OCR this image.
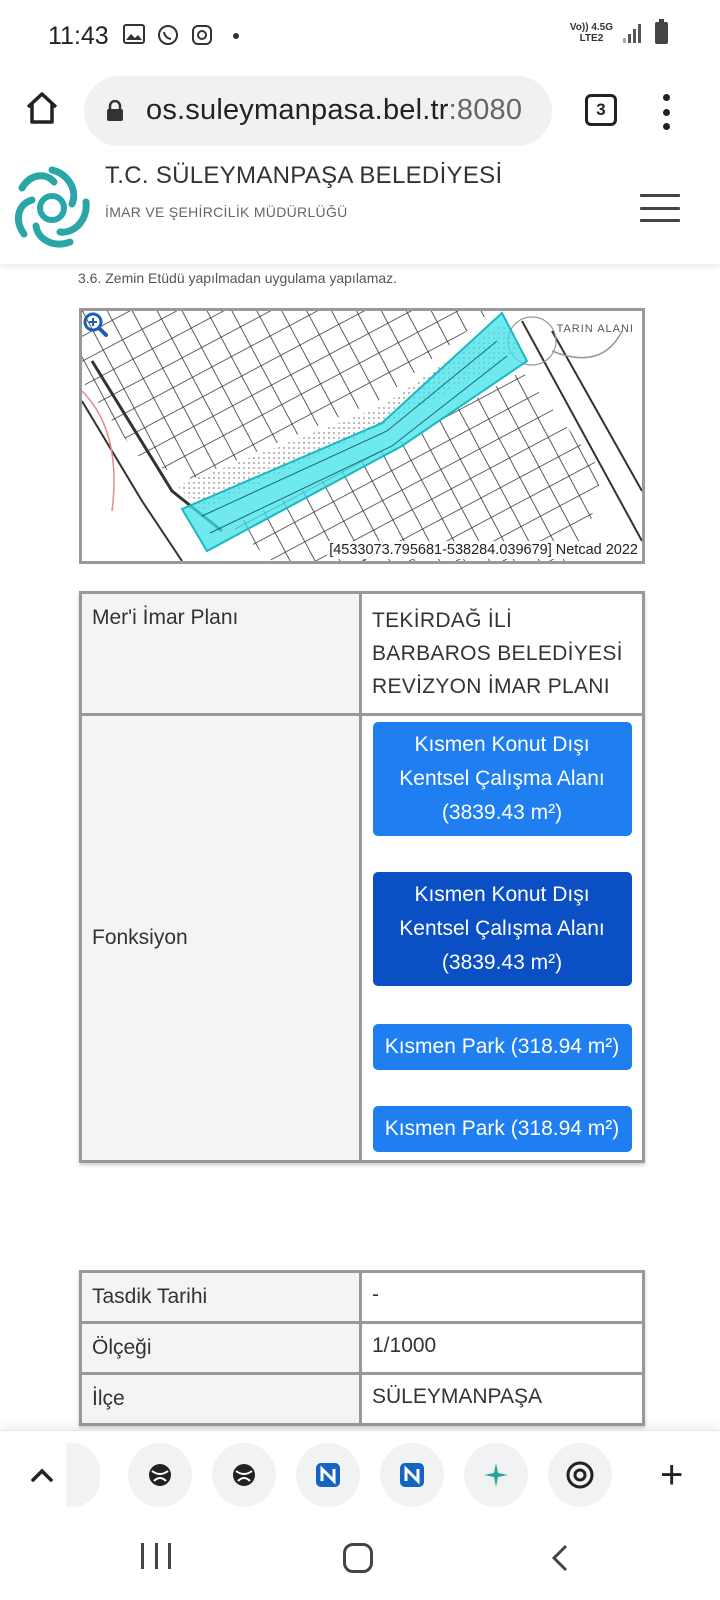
11:43	Vo)) 4.5G
LTE2
os.suleymanpasa.bel.tr:8080	3
T.C. SÜLEYMANPAŞA BELEDİYESİ
İMAR VE ŞEHİRCİLİK MÜDÜRLÜĞÜ
3.6. Zemin Etüdü yapılmadan uygulama yapılamaz.
TARIN ALANI
[4533073.795681-538284.039679] Netcad 2022
Mer'i İmar Planı	TEKİRDAĞ İLİ BARBAROS BELEDİYESİ REVİZYON İMAR PLANI

Fonksiyon	Kısmen Konut Dışı Kentsel Çalışma Alanı (3839.43 m²)
Kısmen Konut Dışı Kentsel Çalışma Alanı (3839.43 m²)
Kısmen Park (318.94 m²)
Kısmen Park (318.94 m²)
Tasdik Tarihi	-
Ölçeği	1/1000
İlçe	SÜLEYMANPAŞA
+
